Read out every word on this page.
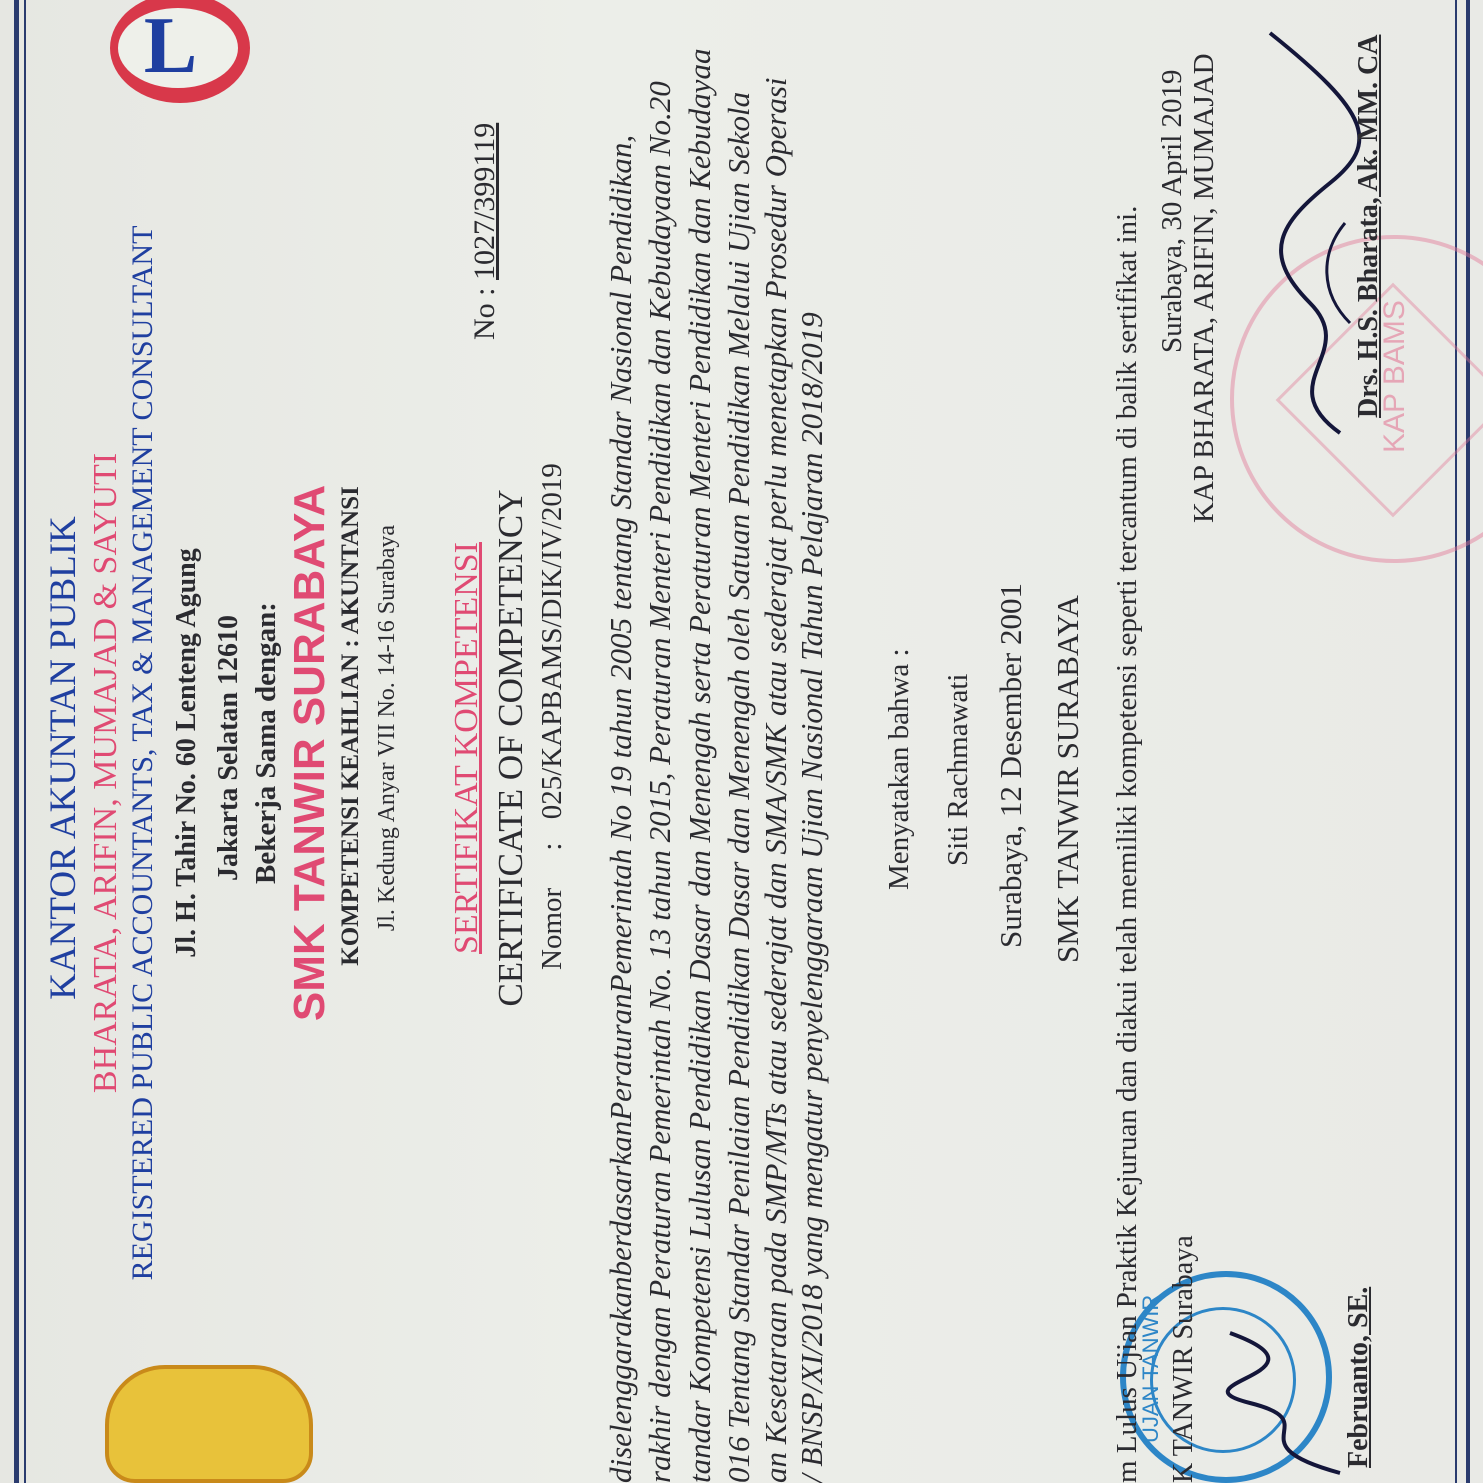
L
KANTOR AKUNTAN PUBLIK BHARATA, ARIFIN, MUMAJAD & SAYUTI
REGISTERED PUBLIC ACCOUNTANTS, TAX & MANAGEMENT CONSULTANT Jl. H. Tahir No. 60 Lenteng Agung Jakarta Selatan 12610 Bekerja Sama dengan: SMK TANWIR SURABAYA KOMPETENSI KEAHLIAN : AKUNTANSI Jl. Kedung Anyar VII No. 14-16 Surabaya
No : 1027/399119
SERTIFIKAT KOMPETENSI CERTIFICATE OF COMPETENCY Nomor : 025/KAPBAMS/DIK/IV/2019 diselenggarakanberdasarkanPeraturanPemerintah No 19 tahun 2005 tentang Standar Nasional Pendidikan, rakhir dengan Peraturan Pemerintah No. 13 tahun 2015, Peraturan Menteri Pendidikan dan Kebudayaan No.20 tandar Kompetensi Lulusan Pendidikan Dasar dan Menengah serta Peraturan Menteri Pendidikan dan Kebudayaa 016 Tentang Standar Penilaian Pendidikan Dasar dan Menengah oleh Satuan Pendidikan Melalui Ujian Sekola an Kesetaraan pada SMP/MTs atau sederajat dan SMA/SMK atau sederajat perlu menetapkan Prosedur Operasi / BNSP/XI/2018 yang mengatur penyelenggaraan Ujian Nasional Tahun Pelajaran 2018/2019 Menyatakan bahwa : Siti Rachmawati Surabaya, 12 Desember 2001 SMK TANWIR SURABAYA m Lulus Ujian Praktik Kejuruan dan diakui telah memiliki kompetensi seperti tercantum di balik sertifikat ini. Surabaya, 30 April 2019 KAP BHARATA, ARIFIN, MUMAJAD	Drs. H.S. Bharata, Ak. MM. CA
K TANWIR Surabaya	Februanto, SE.
UJAN TANWIR
KAP BAMS
